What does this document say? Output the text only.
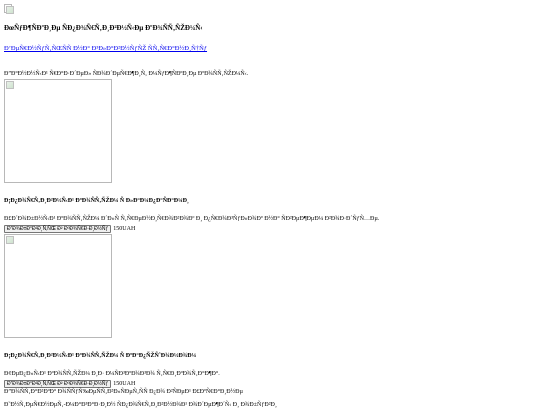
ÐœÑƒÐ¶ÑÐºÐ¸Ðµ ÑÐ¿Ð¾Ñ€Ñ‚Ð¸Ð²Ð½Ñ‹Ðµ ÐºÐ¾ÑÑ‚ÑŽÐ¼Ñ‹
Ð’ÐµÑ€Ð½ÑƒÑ‚ÑŒÑÑ Ð½Ð° Ð³Ð»Ð°Ð²Ð½ÑƒÑŽ ÑÑ‚Ñ€Ð°Ð½Ð¸Ñ†Ñƒ

Ð”Ð°Ð½Ð½Ñ‹Ð¹ Ñ€Ð°Ð·Ð´ÐµÐ» ÑÐ¾Ð´ÐµÑ€Ð¶Ð¸Ñ‚ Ð¼ÑƒÐ¶ÑÐºÐ¸Ðµ ÐºÐ¾ÑÑ‚ÑŽÐ¼Ñ‹.

Ð¡Ð¿Ð¾Ñ€Ñ‚Ð¸Ð²Ð½Ñ‹Ð¹ ÐºÐ¾ÑÑ‚ÑŽÐ¼ Ñ Ð»Ð°Ð¼Ð¿Ð°ÑÐ°Ð¼Ð¸

Ð£Ð´Ð¾Ð±Ð½Ñ‹Ð¹ ÐºÐ¾ÑÑ‚ÑŽÐ¼ Ð´Ð»Ñ Ñ‚Ñ€ÐµÐ½Ð¸Ñ€Ð¾Ð²Ð¾Ðº Ð¸ Ð¿Ñ€Ð¾Ð³ÑƒÐ»Ð¾Ðº Ð½Ð° ÑÐ²ÐµÐ¶ÐµÐ¼ Ð²Ð¾Ð·Ð´ÑƒÑ…Ðµ.

Ð”Ð¾Ð±Ð°Ð²Ð¸Ñ‚ÑŒ Ð² ÐºÐ¾Ñ€Ð·Ð¸Ð½Ñƒ 150UAH
Ð¡Ð¿Ð¾Ñ€Ñ‚Ð¸Ð²Ð½Ñ‹Ð¹ ÐºÐ¾ÑÑ‚ÑŽÐ¼ Ñ ÐºÐ°Ð¿ÑŽÑˆÐ¾Ð½Ð¾Ð¼

Ð¢ÐµÐ¿Ð»Ñ‹Ð¹ ÐºÐ¾ÑÑ‚ÑŽÐ¼ Ð¸Ð· Ð¼ÑÐ³ÐºÐ¾Ð³Ð¾ Ñ‚Ñ€Ð¸ÐºÐ¾Ñ‚Ð°Ð¶Ð°.

Ð”Ð¾Ð±Ð°Ð²Ð¸Ñ‚ÑŒ Ð² ÐºÐ¾Ñ€Ð·Ð¸Ð½Ñƒ 150UAH

Ð”Ð¾ÑÑ‚Ð°Ð²ÐºÐ° Ð¾ÑÑƒÑ‰ÐµÑÑ‚Ð²Ð»ÑÐµÑ‚ÑÑ Ð¿Ð¾ Ð²ÑÐµÐ¹ Ð£ÐºÑ€Ð°Ð¸Ð½Ðµ

Ð˜Ð½Ñ‚ÐµÑ€Ð½ÐµÑ‚-Ð¼Ð°Ð³Ð°Ð·Ð¸Ð½ ÑÐ¿Ð¾Ñ€Ñ‚Ð¸Ð²Ð½Ð¾Ð¹ Ð¾Ð´ÐµÐ¶Ð´Ñ‹ Ð¸ Ð¾Ð±ÑƒÐ²Ð¸
